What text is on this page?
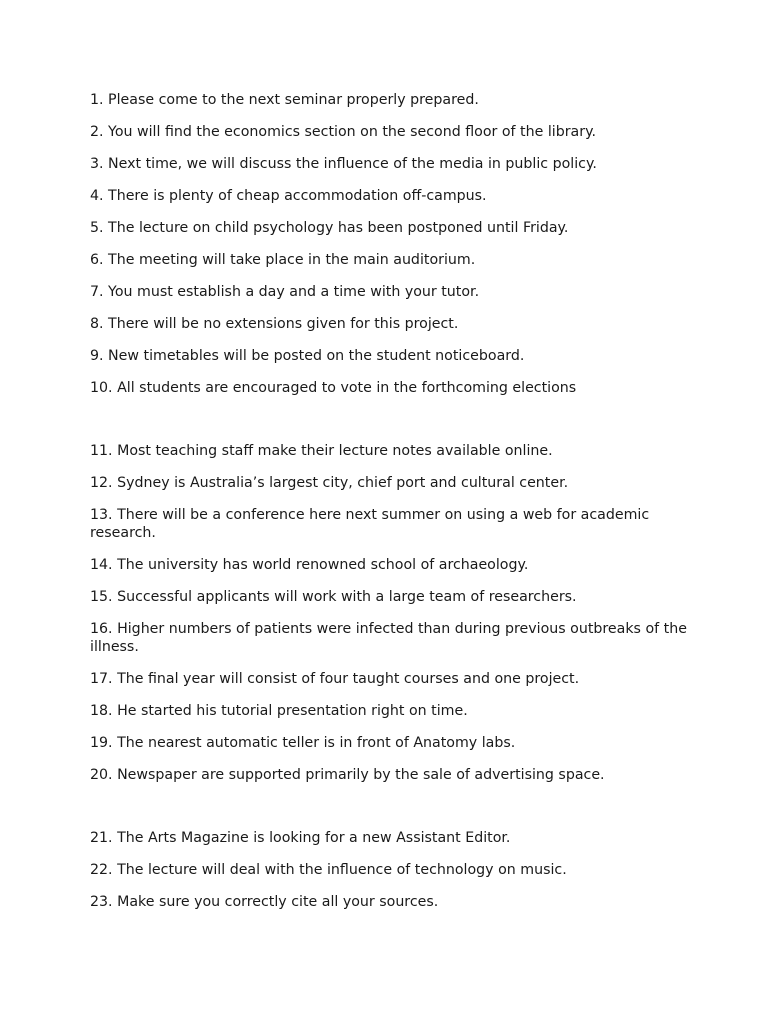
1. Please come to the next seminar properly prepared.
2. You will find the economics section on the second floor of the library.
3. Next time, we will discuss the influence of the media in public policy.
4. There is plenty of cheap accommodation off-campus.
5. The lecture on child psychology has been postponed until Friday.
6. The meeting will take place in the main auditorium.
7. You must establish a day and a time with your tutor.
8. There will be no extensions given for this project.
9. New timetables will be posted on the student noticeboard.
10. All students are encouraged to vote in the forthcoming elections
11. Most teaching staff make their lecture notes available online.
12. Sydney is Australia’s largest city, chief port and cultural center.
13. There will be a conference here next summer on using a web for academic research.
14. The university has world renowned school of archaeology.
15. Successful applicants will work with a large team of researchers.
16. Higher numbers of patients were infected than during previous outbreaks of the illness.
17. The final year will consist of four taught courses and one project.
18. He started his tutorial presentation right on time.
19. The nearest automatic teller is in front of Anatomy labs.
20. Newspaper are supported primarily by the sale of advertising space.
21. The Arts Magazine is looking for a new Assistant Editor.
22. The lecture will deal with the influence of technology on music.
23. Make sure you correctly cite all your sources.
